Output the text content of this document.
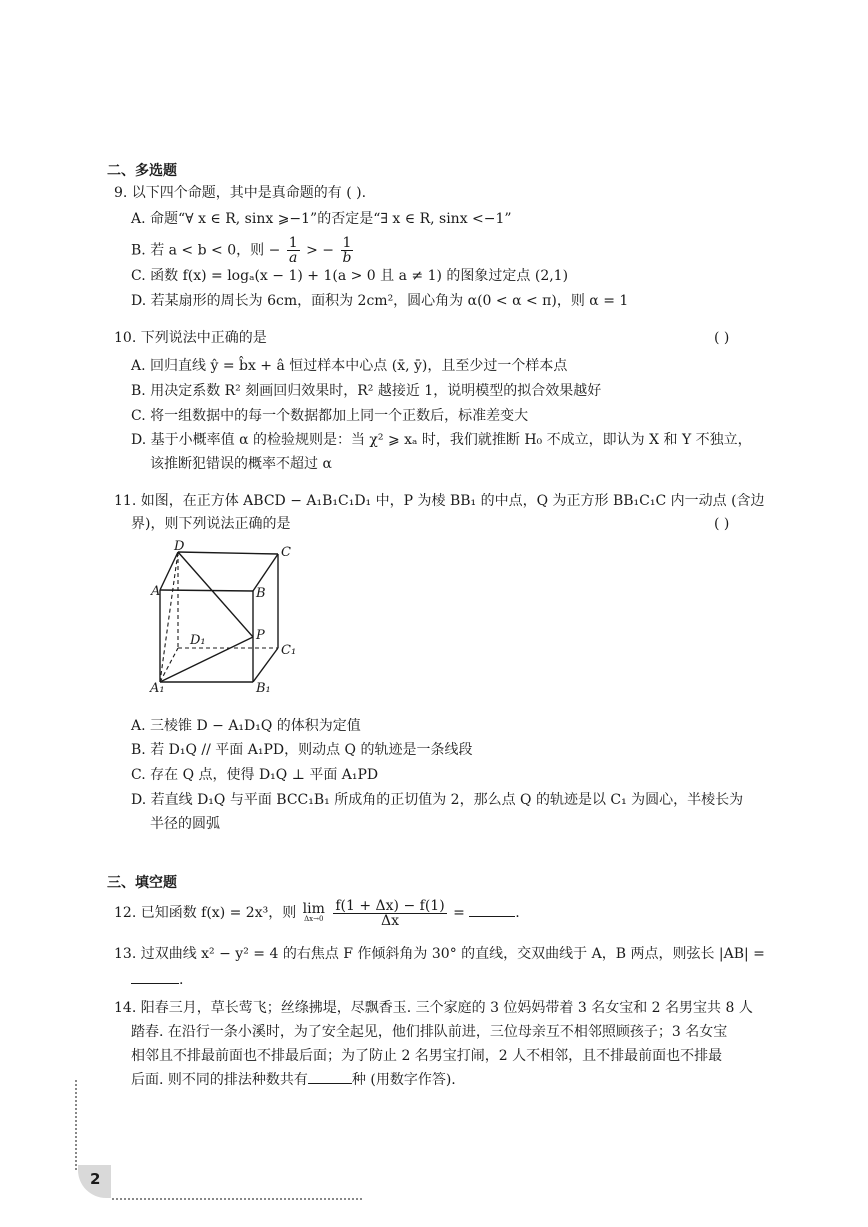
二、多选题
9. 以下四个命题，其中是真命题的有 ( ).
A. 命题“∀ x ∈ R, sinx ⩾−1”的否定是“∃ x ∈ R, sinx <−1”
B. 若 a < b < 0，则 − $\frac{1}{a}$ > − $\frac{1}{b}$
C. 函数 f(x) = logₐ(x − 1) + 1(a > 0 且 a ≠ 1) 的图象过定点 (2,1)
D. 若某扇形的周长为 6cm，面积为 2cm²，圆心角为 α(0 < α < π)，则 α = 1
10. 下列说法中正确的是	( )
A. 回归直线 ŷ = b̂x + â 恒过样本中心点 (x̄, ȳ)，且至少过一个样本点
B. 用决定系数 R² 刻画回归效果时，R² 越接近 1，说明模型的拟合效果越好
C. 将一组数据中的每一个数据都加上同一个正数后，标准差变大
D. 基于小概率值 α 的检验规则是：当 χ² ⩾ xₐ 时，我们就推断 H₀ 不成立，即认为 X 和 Y 不独立，
该推断犯错误的概率不超过 α
11. 如图，在正方体 ABCD − A₁B₁C₁D₁ 中，P 为棱 BB₁ 的中点，Q 为正方形 BB₁C₁C 内一动点 (含边
界)，则下列说法正确的是	( )
D	C
A	B
D₁	P
C₁
A₁	B₁
A. 三棱锥 D − A₁D₁Q 的体积为定值
B. 若 D₁Q // 平面 A₁PD，则动点 Q 的轨迹是一条线段
C. 存在 Q 点，使得 D₁Q ⊥ 平面 A₁PD
D. 若直线 D₁Q 与平面 BCC₁B₁ 所成角的正切值为 2，那么点 Q 的轨迹是以 C₁ 为圆心，半棱长为
半径的圆弧
三、填空题
12. 已知函数 f(x) = 2x³，则 lim
Δx→0
$\frac{f(1 + \Delta x) - f(1)}{\Delta x}$ =	.
13. 过双曲线 x² − y² = 4 的右焦点 F 作倾斜角为 30° 的直线，交双曲线于 A，B 两点，则弦长 |AB| =
.
14. 阳春三月，草长莺飞；丝绦拂堤，尽飘香玉. 三个家庭的 3 位妈妈带着 3 名女宝和 2 名男宝共 8 人
踏春. 在沿行一条小溪时，为了安全起见，他们排队前进，三位母亲互不相邻照顾孩子；3 名女宝
相邻且不排最前面也不排最后面；为了防止 2 名男宝打闹，2 人不相邻，且不排最前面也不排最
后面. 则不同的排法种数共有	种 (用数字作答).
2
